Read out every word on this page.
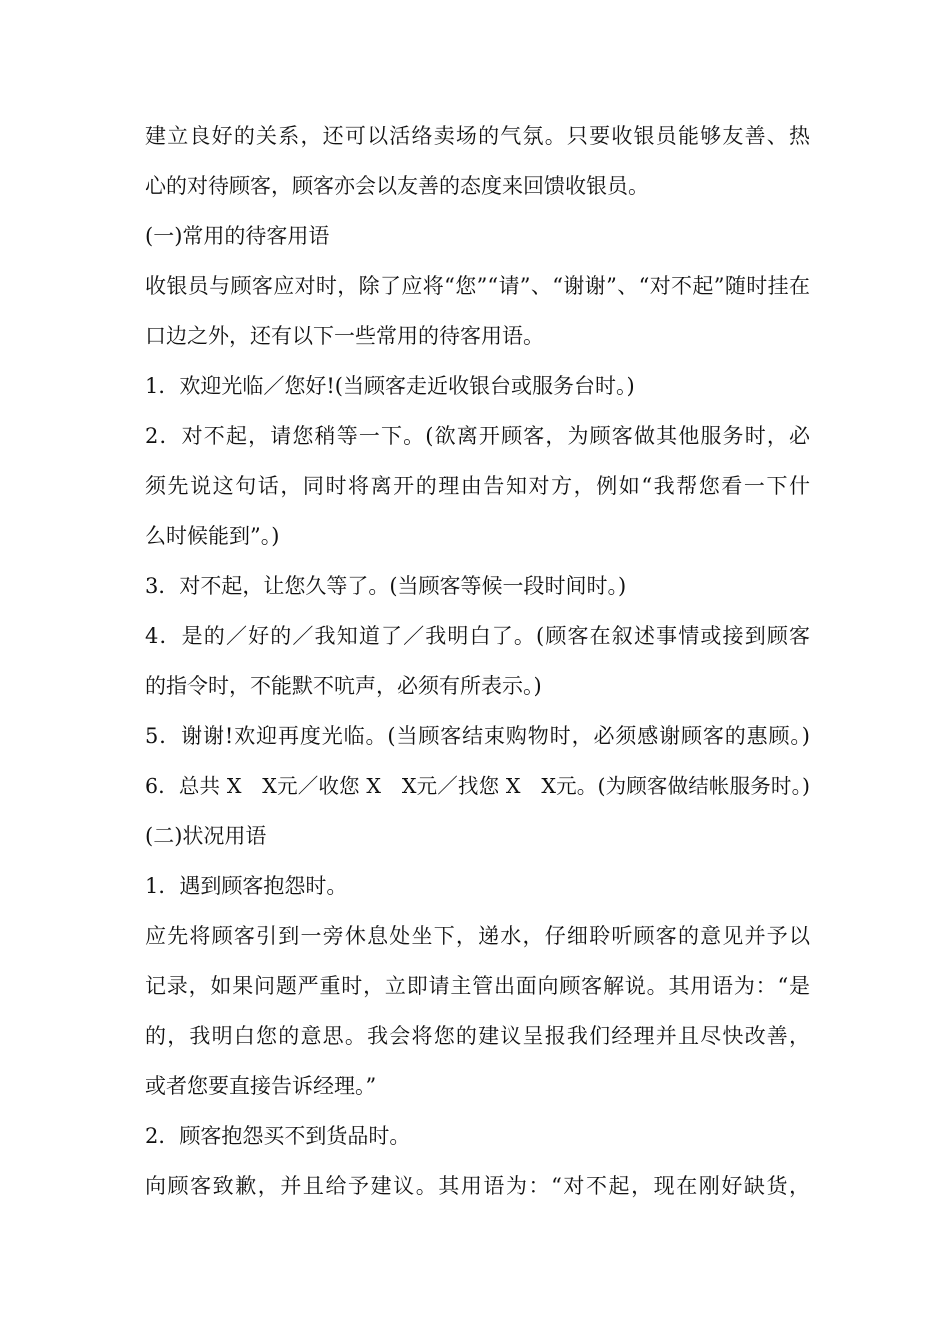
建立良好的关系，还可以活络卖场的气氛。只要收银员能够友善、热
心的对待顾客，顾客亦会以友善的态度来回馈收银员。
(一)常用的待客用语
收银员与顾客应对时，除了应将“您”“请”、“谢谢”、“对不起”随时挂在
口边之外，还有以下一些常用的待客用语。
1．欢迎光临／您好!(当顾客走近收银台或服务台时。)
2．对不起，请您稍等一下。(欲离开顾客，为顾客做其他服务时，必
须先说这句话，同时将离开的理由告知对方，例如“我帮您看一下什
么时候能到”。)
3．对不起，让您久等了。(当顾客等候一段时间时。)
4．是的／好的／我知道了／我明白了。(顾客在叙述事情或接到顾客
的指令时，不能默不吭声，必须有所表示。)
5．谢谢!欢迎再度光临。(当顾客结束购物时，必须感谢顾客的惠顾。)
6．总共 X　X元／收您 X　X元／找您 X　X元。(为顾客做结帐服务时。)
(二)状况用语
1．遇到顾客抱怨时。
应先将顾客引到一旁休息处坐下，递水，仔细聆听顾客的意见并予以
记录，如果问题严重时，立即请主管出面向顾客解说。其用语为：“是
的，我明白您的意思。我会将您的建议呈报我们经理并且尽快改善，
或者您要直接告诉经理。”
2．顾客抱怨买不到货品时。
向顾客致歉，并且给予建议。其用语为：“对不起，现在刚好缺货，
